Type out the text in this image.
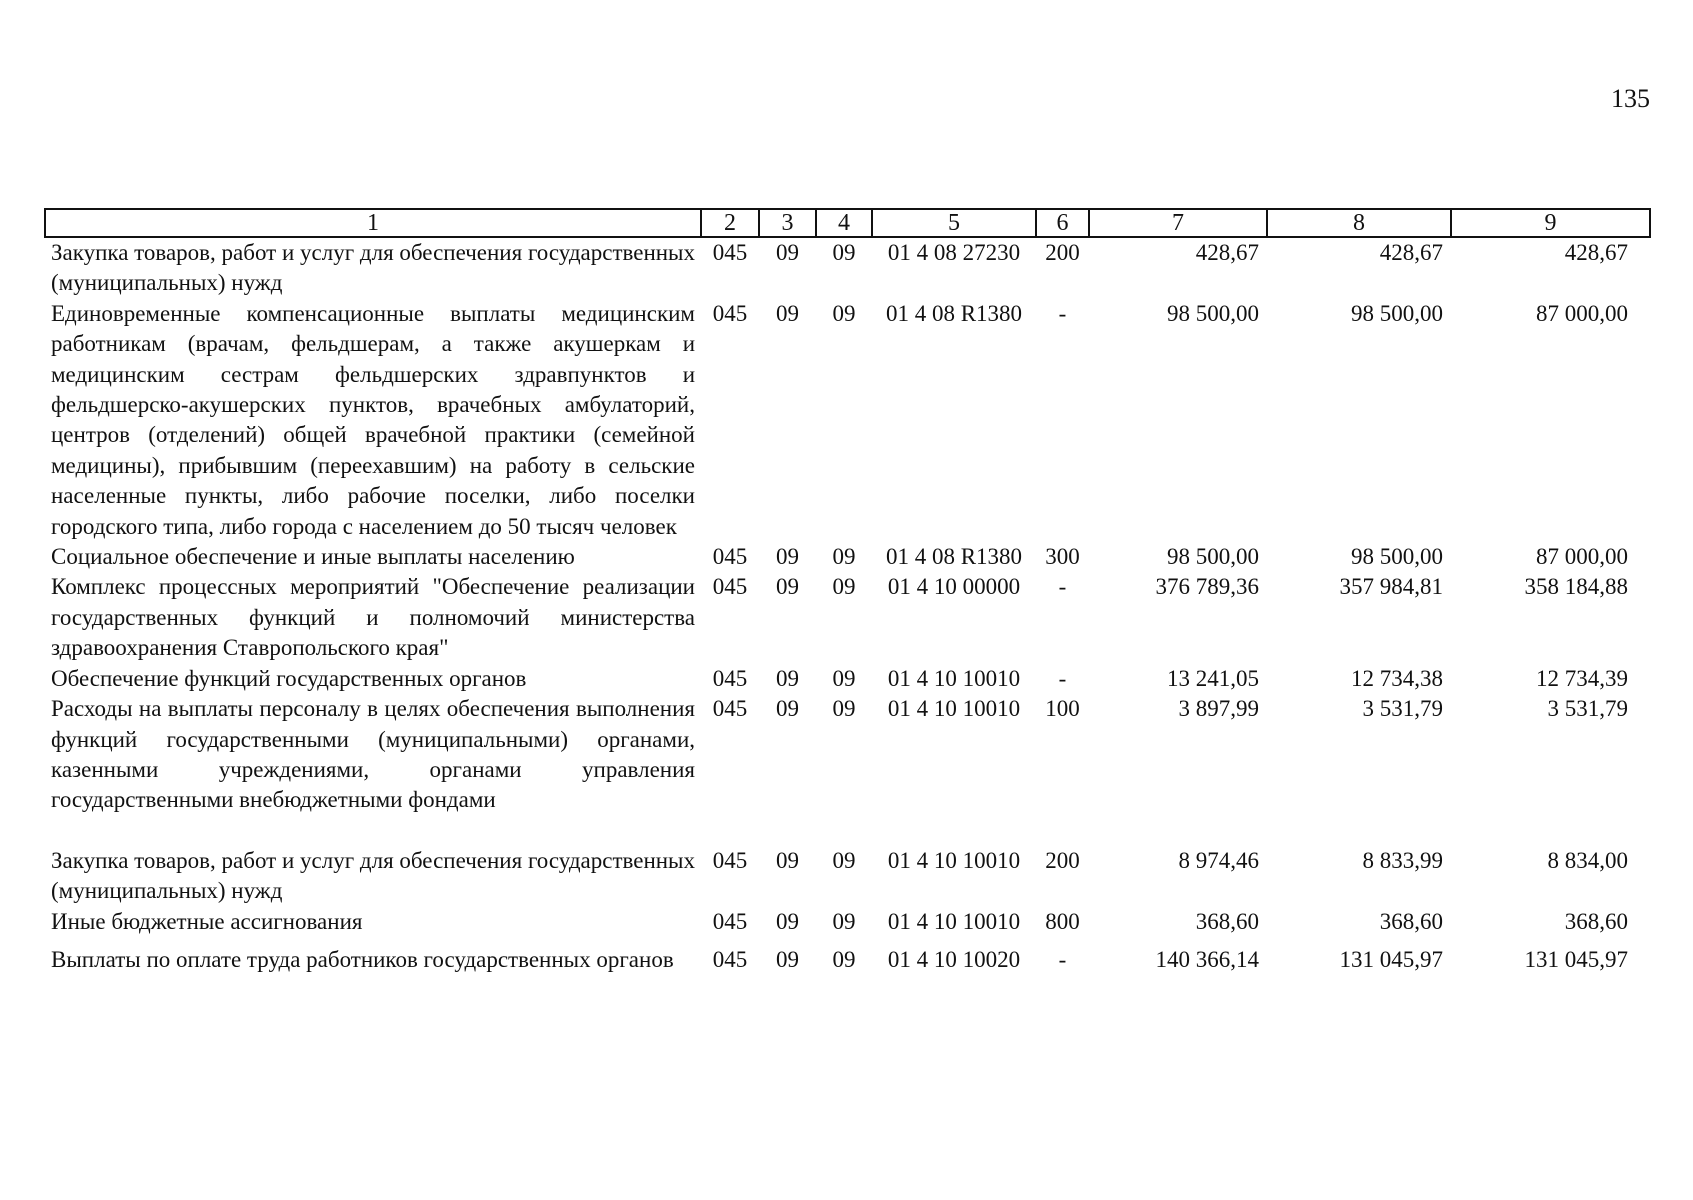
135
1	2	3	4	5	6	7	8	9
Закупка товаров, работ и услуг для обеспечения государственных (муниципальных) нужд	045	09	09	01 4 08 27230	200	428,67	428,67	428,67
Единовременные компенсационные выплаты медицинским работникам (врачам, фельдшерам, а также акушеркам и медицинским сестрам фельдшерских здравпунктов и фельдшерско-акушерских пунктов, врачебных амбулаторий, центров (отделений) общей врачебной практики (семейной медицины), прибывшим (переехавшим) на работу в сельские населенные пункты, либо рабочие поселки, либо поселки городского типа, либо города с населением до 50 тысяч человек	045	09	09	01 4 08 R1380	-	98 500,00	98 500,00	87 000,00
Социальное обеспечение и иные выплаты населению	045	09	09	01 4 08 R1380	300	98 500,00	98 500,00	87 000,00
Комплекс процессных мероприятий "Обеспечение реализации государственных функций и полномочий министерства здравоохранения Ставропольского края"	045	09	09	01 4 10 00000	-	376 789,36	357 984,81	358 184,88
Обеспечение функций государственных органов	045	09	09	01 4 10 10010	-	13 241,05	12 734,38	12 734,39
Расходы на выплаты персоналу в целях обеспечения выполнения функций государственными (муниципальными) органами, казенными учреждениями, органами управления государственными внебюджетными фондами	045	09	09	01 4 10 10010	100	3 897,99	3 531,79	3 531,79
Закупка товаров, работ и услуг для обеспечения государственных (муниципальных) нужд	045	09	09	01 4 10 10010	200	8 974,46	8 833,99	8 834,00
Иные бюджетные ассигнования	045	09	09	01 4 10 10010	800	368,60	368,60	368,60
Выплаты по оплате труда работников государственных органов	045	09	09	01 4 10 10020	-	140 366,14	131 045,97	131 045,97
